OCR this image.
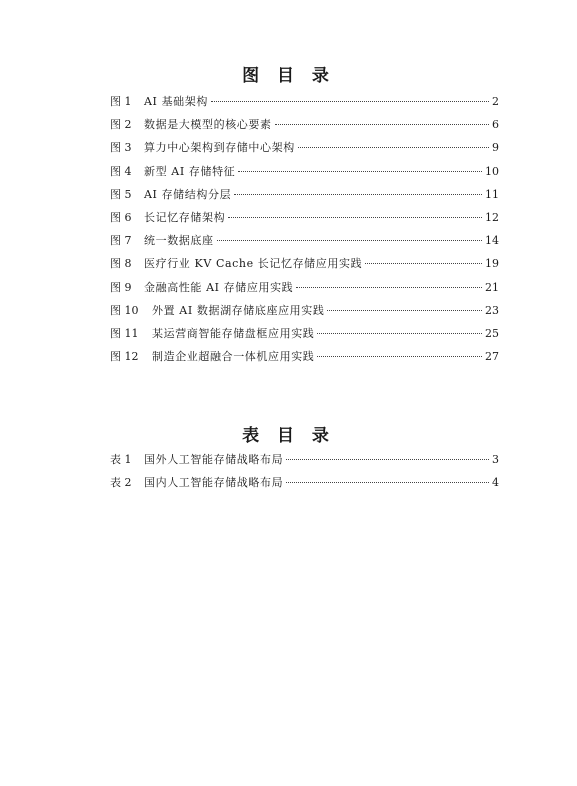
图 目 录
图 1	AI 基础架构	2
图 2	数据是大模型的核心要素	6
图 3	算力中心架构到存储中心架构	9
图 4	新型 AI 存储特征	10
图 5	AI 存储结构分层	11
图 6	长记忆存储架构	12
图 7	统一数据底座	14
图 8	医疗行业 KV Cache 长记忆存储应用实践	19
图 9	金融高性能 AI 存储应用实践	21
图 10	外置 AI 数据湖存储底座应用实践	23
图 11	某运营商智能存储盘框应用实践	25
图 12	制造企业超融合一体机应用实践	27
表 目 录
表 1	国外人工智能存储战略布局	3
表 2	国内人工智能存储战略布局	4
